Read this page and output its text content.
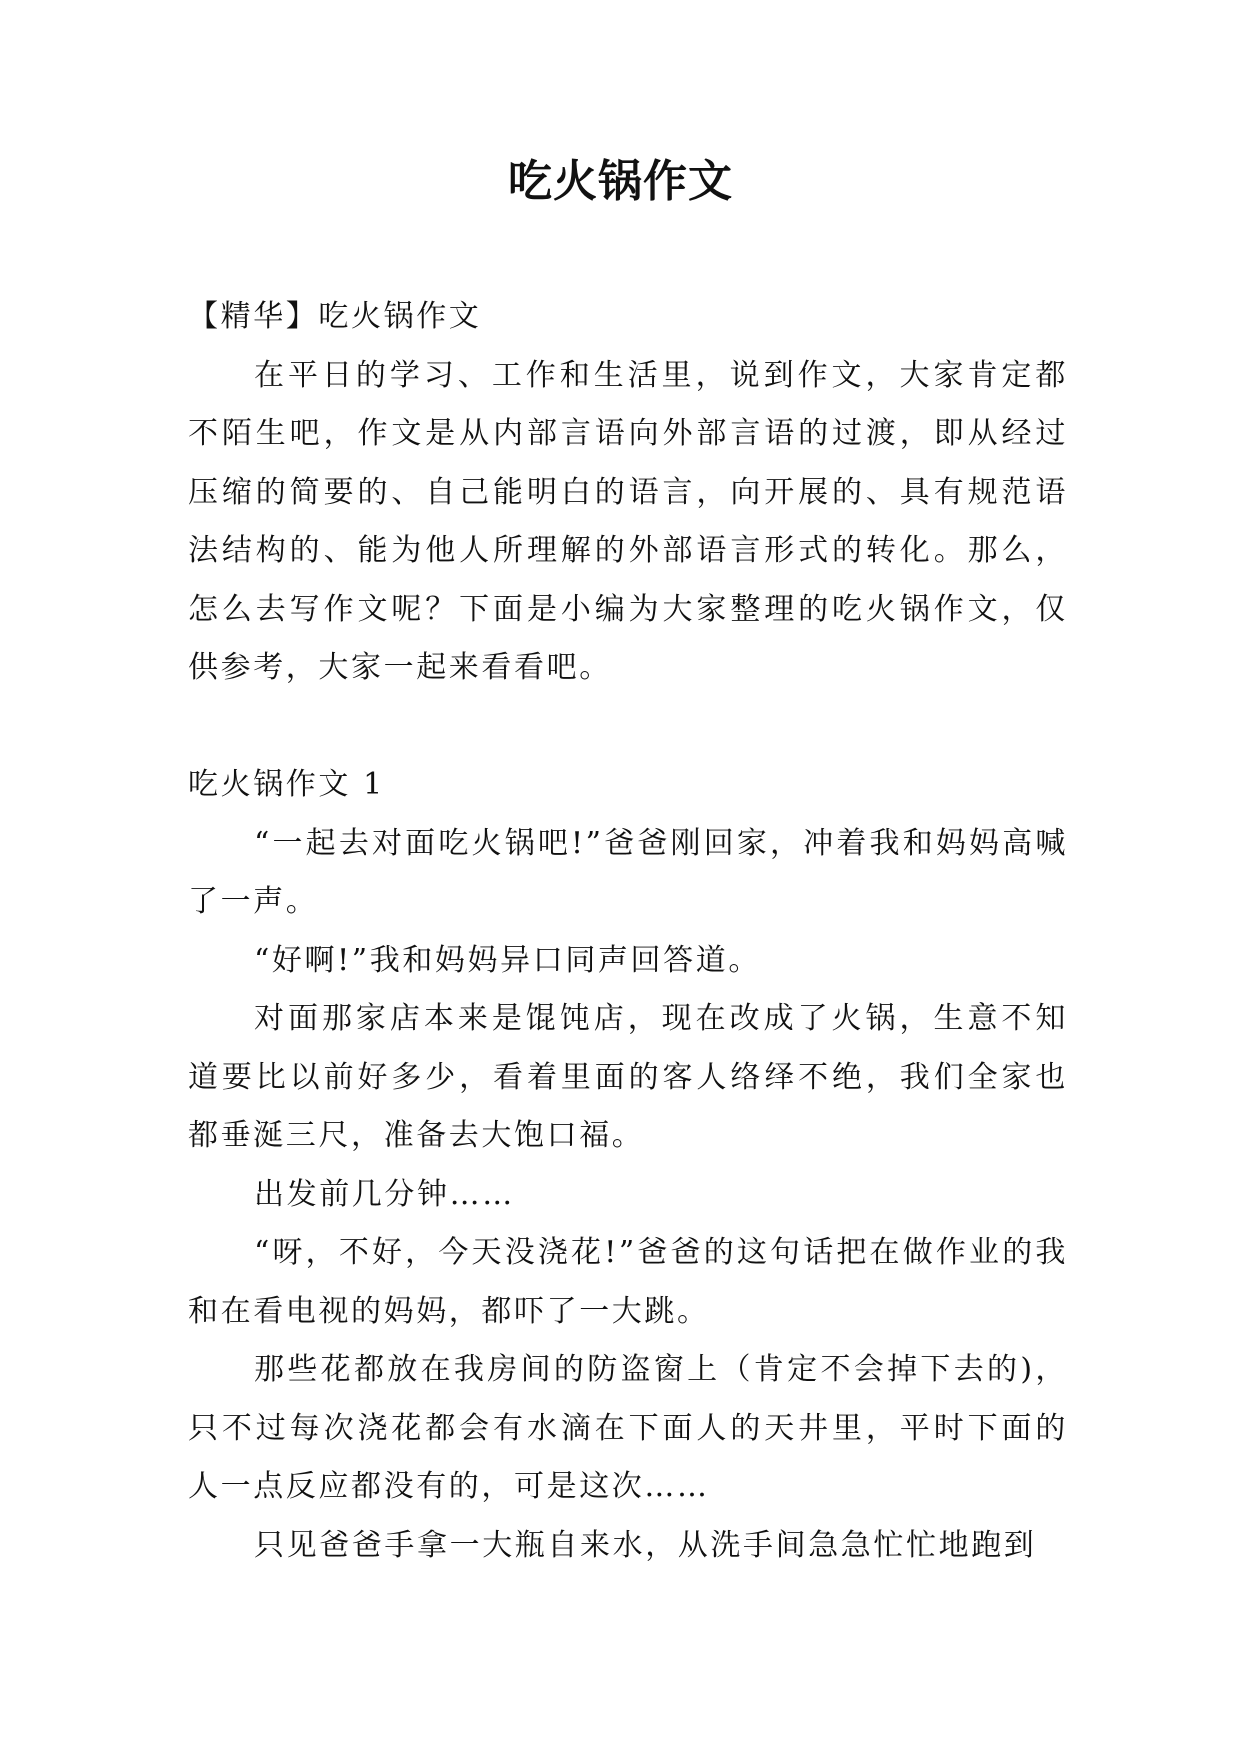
吃火锅作文

【精华】吃火锅作文

在平日的学习、工作和生活里，说到作文，大家肯定都不陌生吧，作文是从内部言语向外部言语的过渡，即从经过压缩的简要的、自己能明白的语言，向开展的、具有规范语法结构的、能为他人所理解的外部语言形式的转化。那么，怎么去写作文呢？下面是小编为大家整理的吃火锅作文，仅供参考，大家一起来看看吧。

吃火锅作文 1

“一起去对面吃火锅吧!”爸爸刚回家，冲着我和妈妈高喊了一声。

“好啊!”我和妈妈异口同声回答道。

对面那家店本来是馄饨店，现在改成了火锅，生意不知道要比以前好多少，看着里面的客人络绎不绝，我们全家也都垂涎三尺，准备去大饱口福。

出发前几分钟……

“呀，不好，今天没浇花!”爸爸的这句话把在做作业的我和在看电视的妈妈，都吓了一大跳。

那些花都放在我房间的防盗窗上（肯定不会掉下去的)，只不过每次浇花都会有水滴在下面人的天井里，平时下面的人一点反应都没有的，可是这次……

只见爸爸手拿一大瓶自来水，从洗手间急急忙忙地跑到
